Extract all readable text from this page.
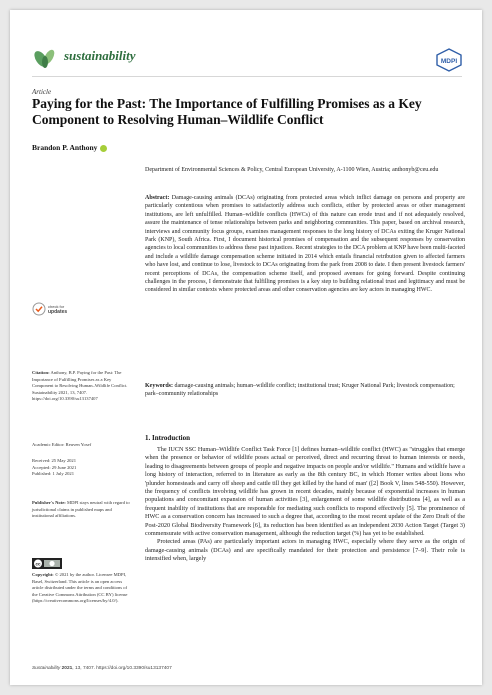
sustainability	MDPI
Article
Paying for the Past: The Importance of Fulfilling Promises as a Key Component to Resolving Human–Wildlife Conflict
Brandon P. Anthony
Department of Environmental Sciences & Policy, Central European University, A-1100 Wien, Austria; anthonyb@ceu.edu
Abstract: Damage-causing animals (DCAs) originating from protected areas which inflict damage on persons and property are particularly contentious when promises to satisfactorily address such conflicts, either by protected areas or other management institutions, are left unfulfilled. Human–wildlife conflicts (HWCs) of this nature can erode trust and if not adequately resolved, assure the maintenance of tense relationships between parks and neighboring communities. This paper, based on archival research, interviews and community focus groups, examines management responses to the long history of DCAs exiting the Kruger National Park (KNP), South Africa. First, I document historical promises of compensation and the subsequent responses by conservation agencies to local communities to address these past injustices. Recent strategies to the DCA problem at KNP have been multi-faceted and include a wildlife damage compensation scheme initiated in 2014 which entails financial retribution given to affected farmers who have lost, and continue to lose, livestock to DCAs originating from the park from 2008 to date. I then present livestock farmers' recent perceptions of DCAs, the compensation scheme itself, and proposed avenues for going forward. Despite continuing challenges in the process, I demonstrate that fulfilling promises is a key step to building relational trust and legitimacy and must be considered in similar contexts where protected areas and other conservation agencies are key actors in managing HWC.
Keywords: damage-causing animals; human–wildlife conflict; institutional trust; Kruger National Park; livestock compensation; park–community relationships
check for
updates
Citation: Anthony, B.P. Paying for the Past: The Importance of Fulfilling Promises as a Key Component to Resolving Human–Wildlife Conflict. Sustainability 2021, 13, 7407. https://doi.org/10.3390/su13137407
Academic Editor: Reuven Yosef
Received: 25 May 2021
Accepted: 29 June 2021
Published: 1 July 2021
Publisher's Note: MDPI stays neutral with regard to jurisdictional claims in published maps and institutional affiliations.
cc
Copyright: © 2021 by the author. Licensee MDPI, Basel, Switzerland. This article is an open access article distributed under the terms and conditions of the Creative Commons Attribution (CC BY) license (https://creativecommons.org/licenses/by/4.0/).
1. Introduction

The IUCN SSC Human–Wildlife Conflict Task Force [1] defines human–wildlife conflict (HWC) as "struggles that emerge when the presence or behavior of wildlife poses actual or perceived, direct and recurring threat to human interests or needs, leading to disagreements between groups of people and negative impacts on people and/or wildlife." Humans and wildlife have a long history of interaction, referred to in literature as early as the 8th century BC, in which Homer writes about lions who 'plunder homesteads and carry off sheep and cattle till they get killed by the hand of man' ([2] Book V, lines 548-550). However, the frequency of conflicts involving wildlife has grown in recent decades, mainly because of exponential increases in human populations and concomitant expansion of human activities [3], enlargement of some wildlife distributions [4], as well as a frequent inability of institutions that are responsible for mediating such conflicts to respond effectively [5]. The prominence of HWC as a conservation concern has increased to such a degree that, according to the most recent update of the Zero Draft of the Post-2020 Global Biodiversity Framework [6], its reduction has been identified as an independent 2030 Action Target (Target 3) commensurate with active conservation management, although the reduction target (%) has yet to be established.

Protected areas (PAs) are particularly important actors in managing HWC, especially where they serve as the origin of damage-causing animals (DCAs) and are specifically mandated for their protection and persistence [7–9]. Their role is intensified when, largely

Sustainability 2021, 13, 7407. https://doi.org/10.3390/su13137407
